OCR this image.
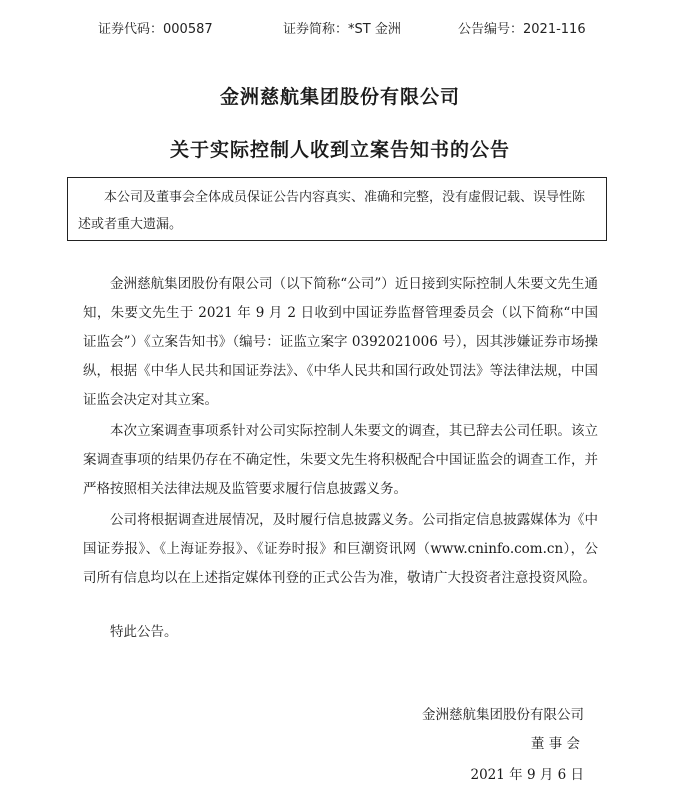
证券代码：000587	证券简称：*ST 金洲	公告编号：2021-116
金洲慈航集团股份有限公司
关于实际控制人收到立案告知书的公告
本公司及董事会全体成员保证公告内容真实、准确和完整，没有虚假记载、误导性陈述或者重大遗漏。

金洲慈航集团股份有限公司（以下简称“公司”）近日接到实际控制人朱要文先生通知，朱要文先生于 2021 年 9 月 2 日收到中国证券监督管理委员会（以下简称“中国证监会”）《立案告知书》（编号：证监立案字 0392021006 号），因其涉嫌证券市场操纵，根据《中华人民共和国证券法》、《中华人民共和国行政处罚法》等法律法规，中国证监会决定对其立案。

本次立案调查事项系针对公司实际控制人朱要文的调查，其已辞去公司任职。该立案调查事项的结果仍存在不确定性，朱要文先生将积极配合中国证监会的调查工作，并严格按照相关法律法规及监管要求履行信息披露义务。

公司将根据调查进展情况，及时履行信息披露义务。公司指定信息披露媒体为《中国证券报》、《上海证券报》、《证券时报》和巨潮资讯网（www.cninfo.com.cn），公司所有信息均以在上述指定媒体刊登的正式公告为准，敬请广大投资者注意投资风险。

特此公告。

金洲慈航集团股份有限公司
董 事 会
2021 年 9 月 6 日
